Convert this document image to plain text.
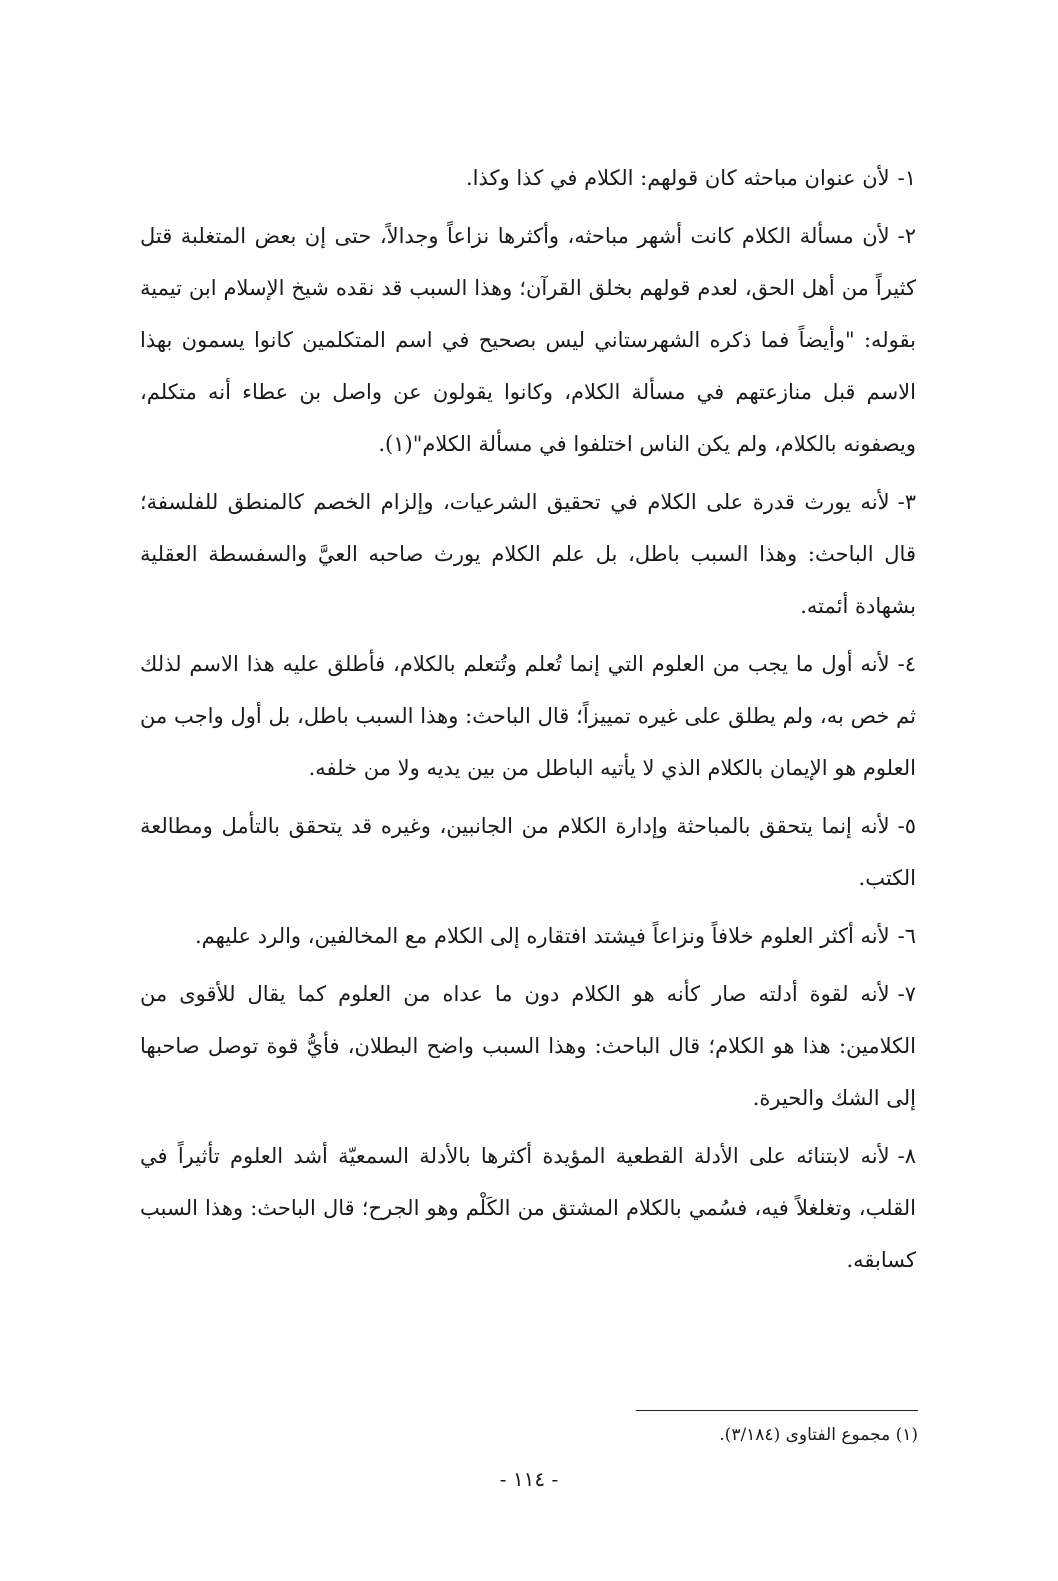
١-لأن عنوان مباحثه كان قولهم: الكلام في كذا وكذا.

٢-لأن مسألة الكلام كانت أشهر مباحثه، وأكثرها نزاعاً وجدالاً، حتى إن بعض المتغلبة قتل كثيراً من أهل الحق، لعدم قولهم بخلق القرآن؛ وهذا السبب قد نقده شيخ الإسلام ابن تيمية بقوله: "وأيضاً فما ذكره الشهرستاني ليس بصحيح في اسم المتكلمين كانوا يسمون بهذا الاسم قبل منازعتهم في مسألة الكلام، وكانوا يقولون عن واصل بن عطاء أنه متكلم، ويصفونه بالكلام، ولم يكن الناس اختلفوا في مسألة الكلام"(١).

٣-لأنه يورث قدرة على الكلام في تحقيق الشرعيات، وإلزام الخصم كالمنطق للفلسفة؛ قال الباحث: وهذا السبب باطل، بل علم الكلام يورث صاحبه العيَّ والسفسطة العقلية بشهادة أئمته.

٤-لأنه أول ما يجب من العلوم التي إنما تُعلم وتُتعلم بالكلام، فأطلق عليه هذا الاسم لذلك ثم خص به، ولم يطلق على غيره تمييزاً؛ قال الباحث: وهذا السبب باطل، بل أول واجب من العلوم هو الإيمان بالكلام الذي لا يأتيه الباطل من بين يديه ولا من خلفه.

٥-لأنه إنما يتحقق بالمباحثة وإدارة الكلام من الجانبين، وغيره قد يتحقق بالتأمل ومطالعة الكتب.

٦-لأنه أكثر العلوم خلافاً ونزاعاً فيشتد افتقاره إلى الكلام مع المخالفين، والرد عليهم.

٧-لأنه لقوة أدلته صار كأنه هو الكلام دون ما عداه من العلوم كما يقال للأقوى من الكلامين: هذا هو الكلام؛ قال الباحث: وهذا السبب واضح البطلان، فأيُّ قوة توصل صاحبها إلى الشك والحيرة.

٨-لأنه لابتنائه على الأدلة القطعية المؤيدة أكثرها بالأدلة السمعيّة أشد العلوم تأثيراً في القلب، وتغلغلاً فيه، فسُمي بالكلام المشتق من الكَلْم وهو الجرح؛ قال الباحث: وهذا السبب كسابقه.

(١) مجموع الفتاوى (٣/١٨٤).
- ١١٤ -
